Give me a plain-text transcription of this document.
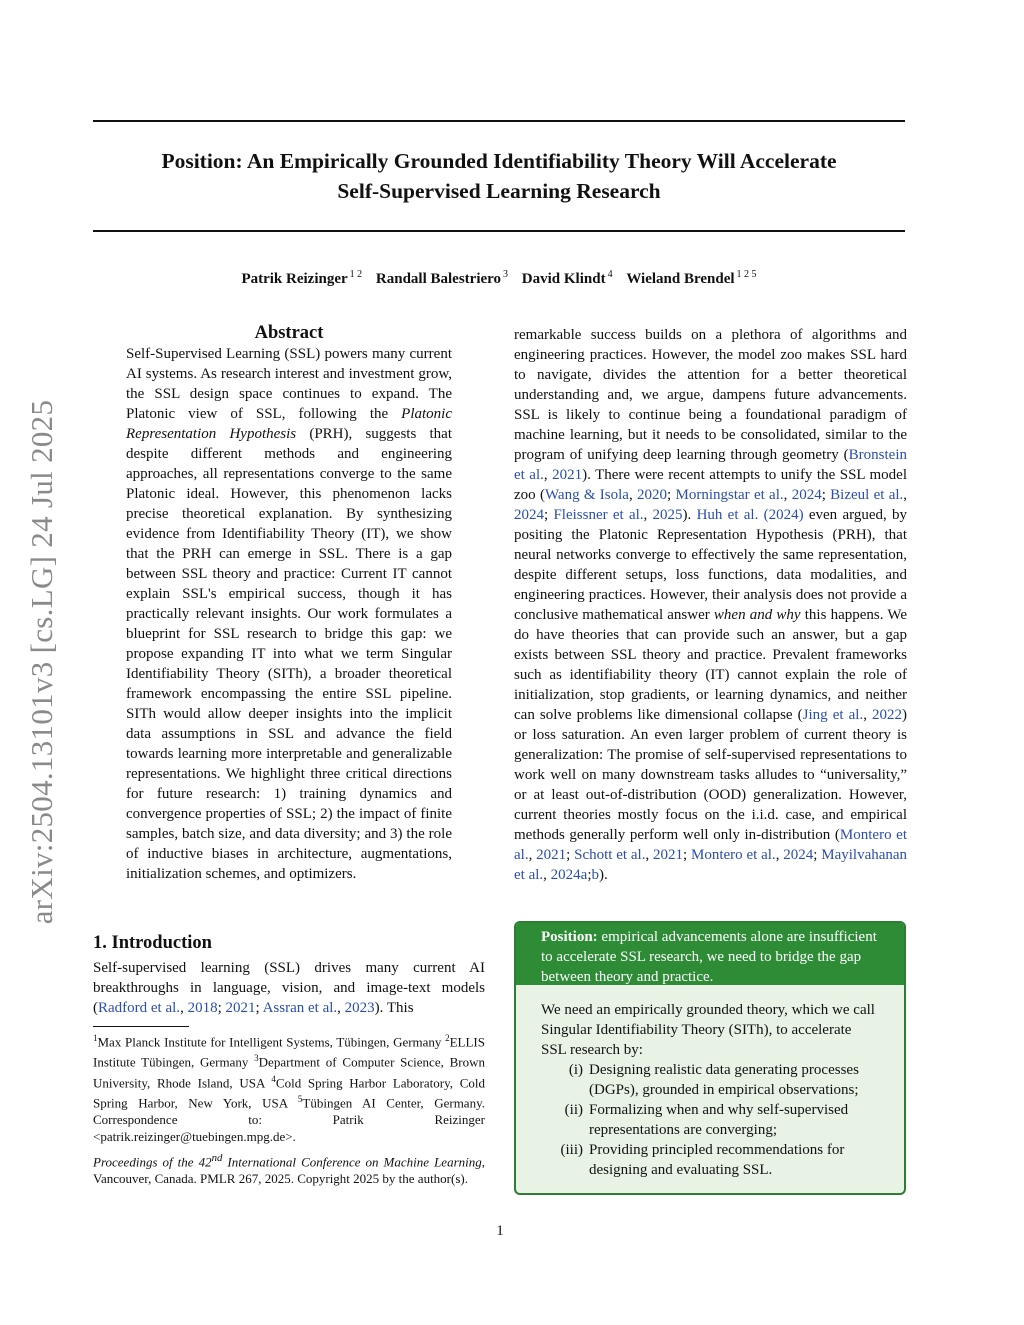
Position: An Empirically Grounded Identifiability Theory Will Accelerate
Self-Supervised Learning Research
Patrik Reizinger $^{1 2}$ Randall Balestriero $^3$ David Klindt $^4$ Wieland Brendel $^{1 2 5}$
arXiv:2504.13101v3 [cs.LG] 24 Jul 2025
Abstract
Self-Supervised Learning (SSL) powers many current AI systems. As research interest and investment grow, the SSL design space continues to expand. The Platonic view of SSL, following the Platonic Representation Hypothesis (PRH), suggests that despite different methods and engineering approaches, all representations converge to the same Platonic ideal. However, this phenomenon lacks precise theoretical explanation. By synthesizing evidence from Identifiability Theory (IT), we show that the PRH can emerge in SSL. There is a gap between SSL theory and practice: Current IT cannot explain SSL's empirical success, though it has practically relevant insights. Our work formulates a blueprint for SSL research to bridge this gap: we propose expanding IT into what we term Singular Identifiability Theory (SITh), a broader theoretical framework encompassing the entire SSL pipeline. SITh would allow deeper insights into the implicit data assumptions in SSL and advance the field towards learning more interpretable and generalizable representations. We highlight three critical directions for future research: 1) training dynamics and convergence properties of SSL; 2) the impact of finite samples, batch size, and data diversity; and 3) the role of inductive biases in architecture, augmentations, initialization schemes, and optimizers.
1. Introduction
Self-supervised learning (SSL) drives many current AI breakthroughs in language, vision, and image-text models (Radford et al., 2018; 2021; Assran et al., 2023). This
$^1$Max Planck Institute for Intelligent Systems, Tübingen, Germany $^2$ELLIS Institute Tübingen, Germany $^3$Department of Computer Science, Brown University, Rhode Island, USA $^4$Cold Spring Harbor Laboratory, Cold Spring Harbor, New York, USA $^5$Tübingen AI Center, Germany. Correspondence to: Patrik Reizinger <patrik.reizinger@tuebingen.mpg.de>.
Proceedings of the 42nd International Conference on Machine Learning, Vancouver, Canada. PMLR 267, 2025. Copyright 2025 by the author(s).
remarkable success builds on a plethora of algorithms and engineering practices. However, the model zoo makes SSL hard to navigate, divides the attention for a better theoretical understanding and, we argue, dampens future advancements. SSL is likely to continue being a foundational paradigm of machine learning, but it needs to be consolidated, similar to the program of unifying deep learning through geometry (Bronstein et al., 2021). There were recent attempts to unify the SSL model zoo (Wang & Isola, 2020; Morningstar et al., 2024; Bizeul et al., 2024; Fleissner et al., 2025). Huh et al. (2024) even argued, by positing the Platonic Representation Hypothesis (PRH), that neural networks converge to effectively the same representation, despite different setups, loss functions, data modalities, and engineering practices. However, their analysis does not provide a conclusive mathematical answer when and why this happens. We do have theories that can provide such an answer, but a gap exists between SSL theory and practice. Prevalent frameworks such as identifiability theory (IT) cannot explain the role of initialization, stop gradients, or learning dynamics, and neither can solve problems like dimensional collapse (Jing et al., 2022) or loss saturation. An even larger problem of current theory is generalization: The promise of self-supervised representations to work well on many downstream tasks alludes to “universality,” or at least out-of-distribution (OOD) generalization. However, current theories mostly focus on the i.i.d. case, and empirical methods generally perform well only in-distribution (Montero et al., 2021; Schott et al., 2021; Montero et al., 2024; Mayilvahanan et al., 2024a;b).
Position: empirical advancements alone are insufficient to accelerate SSL research, we need to bridge the gap between theory and practice.
We need an empirically grounded theory, which we call Singular Identifiability Theory (SITh), to accelerate SSL research by:
(i) Designing realistic data generating processes (DGPs), grounded in empirical observations;
(ii) Formalizing when and why self-supervised representations are converging;
(iii) Providing principled recommendations for designing and evaluating SSL.
1
